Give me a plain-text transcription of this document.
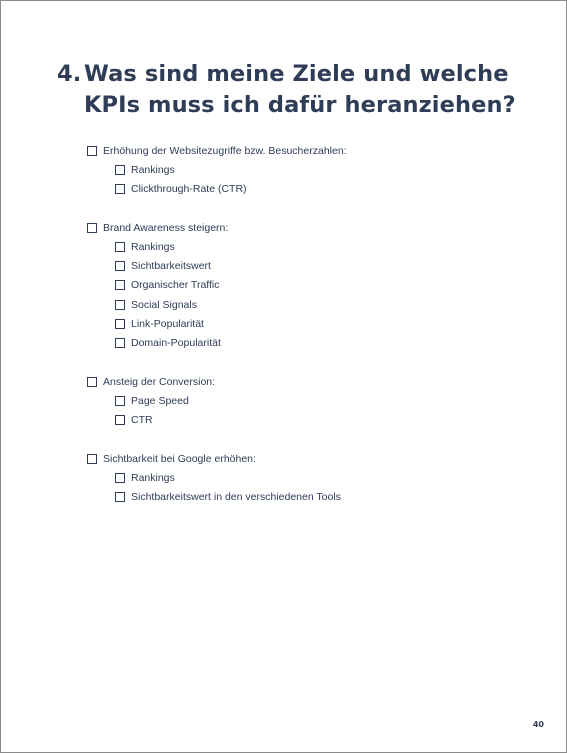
4. Was sind meine Ziele und welche
KPIs muss ich dafür heranziehen?
Erhöhung der Websitezugriffe bzw. Besucherzahlen:
Rankings
Clickthrough-Rate (CTR)
Brand Awareness steigern:
Rankings
Sichtbarkeitswert
Organischer Traffic
Social Signals
Link-Popularität
Domain-Popularität
Ansteig der Conversion:
Page Speed
CTR
Sichtbarkeit bei Google erhöhen:
Rankings
Sichtbarkeitswert in den verschiedenen Tools
40
